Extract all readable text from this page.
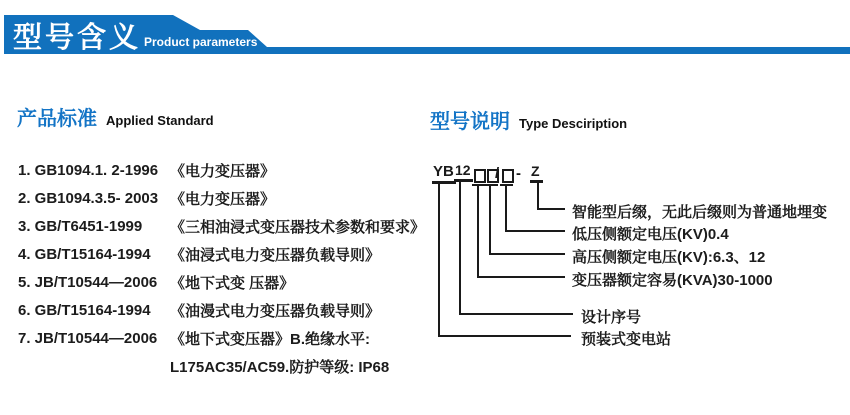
型号含义 Product parameters
产品标准 Applied Standard	型号说明 Type Desciription
1. GB1094.1. 2-1996 《电力变压器》
2. GB1094.3.5- 2003 《电力变压器》
3. GB/T6451-1999	《三相油浸式变压器技术参数和要求》
4. GB/T15164-1994	《油浸式电力变压器负载导则》
5. JB/T10544—2006 《地下式变 压器》
6. GB/T15164-1994	《油漫式电力变压器负载导则》
7. JB/T10544—2006 《地下式变压器》B.绝缘水平:
L175AC35/AC59.防护等级: IP68
YB 12 / - Z
智能型后缀，无此后缀则为普通地埋变
低压侧额定电压(KV)0.4
高压侧额定电压(KV):6.3、12
变压器额定容易(KVA)30-1000
设计序号
预装式变电站
